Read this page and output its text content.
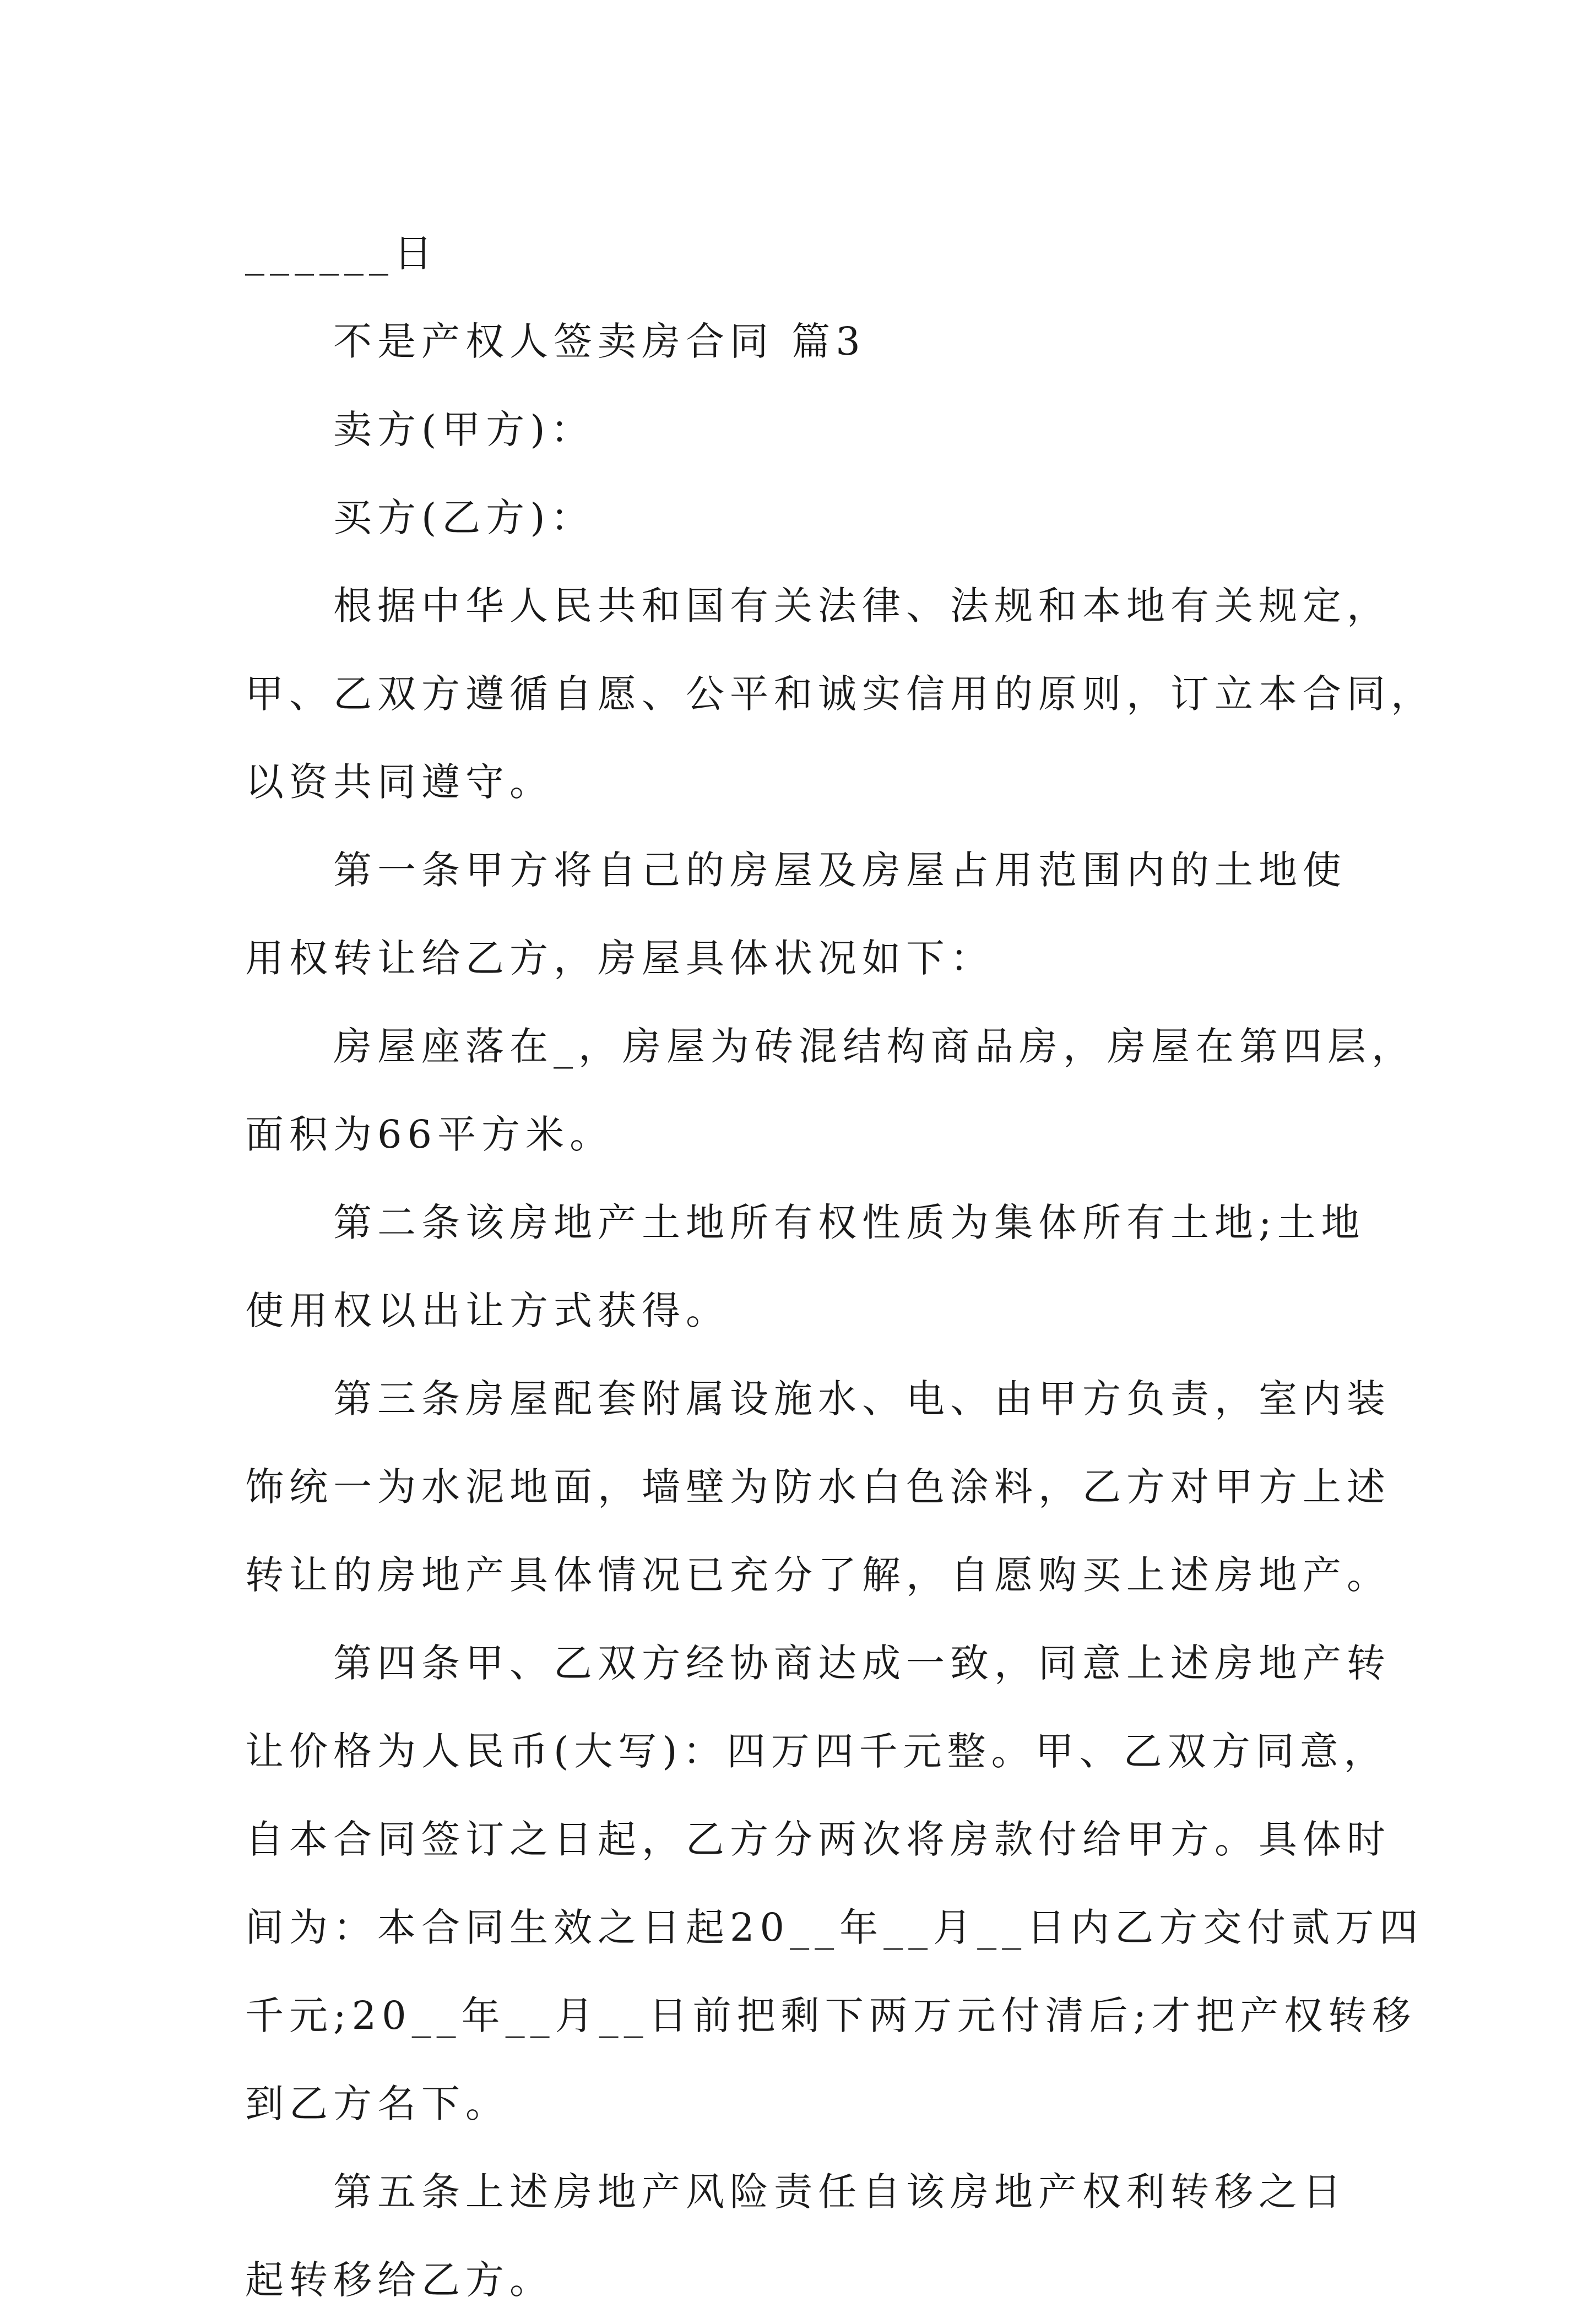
______日
　　不是产权人签卖房合同 篇3
　　卖方(甲方)：
　　买方(乙方)：
　　根据中华人民共和国有关法律、法规和本地有关规定，
甲、乙双方遵循自愿、公平和诚实信用的原则，订立本合同，
以资共同遵守。
　　第一条甲方将自己的房屋及房屋占用范围内的土地使
用权转让给乙方，房屋具体状况如下：
　　房屋座落在_，房屋为砖混结构商品房，房屋在第四层，
面积为66平方米。
　　第二条该房地产土地所有权性质为集体所有土地;土地
使用权以出让方式获得。
　　第三条房屋配套附属设施水、电、由甲方负责，室内装
饰统一为水泥地面，墙壁为防水白色涂料，乙方对甲方上述
转让的房地产具体情况已充分了解，自愿购买上述房地产。
　　第四条甲、乙双方经协商达成一致，同意上述房地产转
让价格为人民币(大写)：四万四千元整。甲、乙双方同意，
自本合同签订之日起，乙方分两次将房款付给甲方。具体时
间为：本合同生效之日起20__年__月__日内乙方交付贰万四
千元;20__年__月__日前把剩下两万元付清后;才把产权转移
到乙方名下。
　　第五条上述房地产风险责任自该房地产权利转移之日
起转移给乙方。
